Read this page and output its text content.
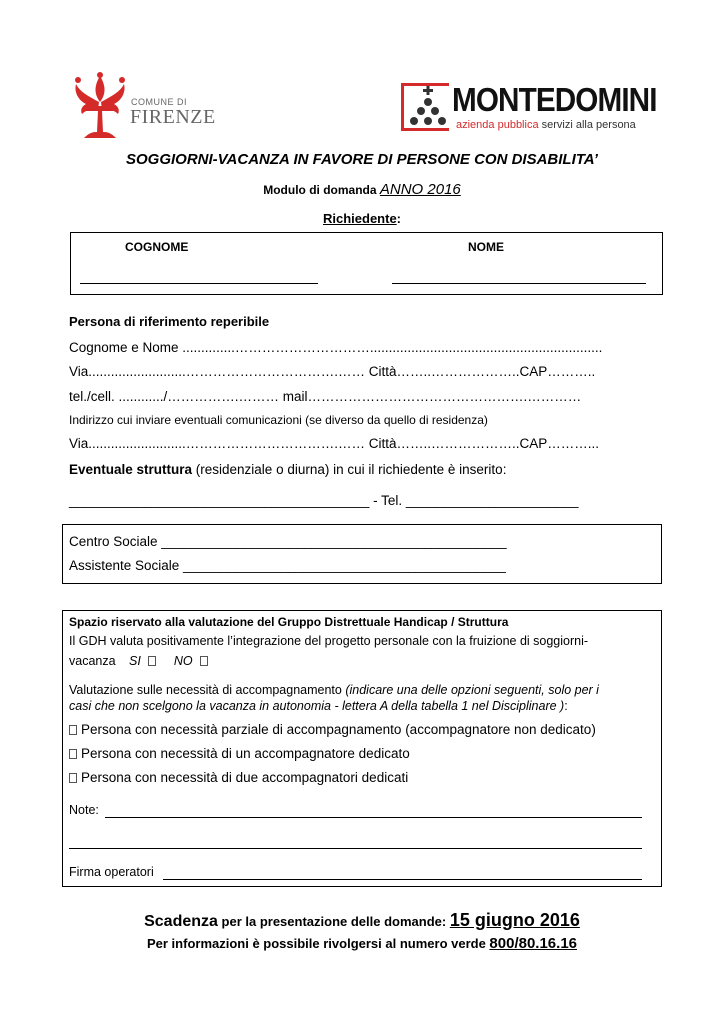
COMUNE DI
FIRENZE	MONTEDOMINI
azienda pubblica servizi alla persona
SOGGIORNI-VACANZA IN FAVORE DI PERSONE CON DISABILITA’
Modulo di domanda ANNO 2016
Richiedente:
COGNOME	NOME
Persona di riferimento reperibile
Cognome e Nome ..............…………………………..............................................................
Via..........................…………………………….…… Città……..………………..CAP………..
tel./cell. ............/…………….……… mail………………………………………….…………
Indirizzo cui inviare eventuali comunicazioni (se diverso da quello di residenza)
Via..........................…………………………….…… Città……..………………..CAP………...
Eventuale struttura (residenziale o diurna) in cui il richiedente è inserito:
________________________________________ - Tel. _______________________
Centro Sociale ______________________________________________
Assistente Sociale ___________________________________________
Spazio riservato alla valutazione del Gruppo Distrettuale Handicap / Struttura
Il GDH valuta positivamente l’integrazione del progetto personale con la fruizione di soggiorni-
vacanza SI	NO
Valutazione sulle necessità di accompagnamento (indicare una delle opzioni seguenti, solo per i
casi che non scelgono la vacanza in autonomia - lettera A della tabella 1 nel Disciplinare ):
Persona con necessità parziale di accompagnamento (accompagnatore non dedicato)
Persona con necessità di un accompagnatore dedicato
Persona con necessità di due accompagnatori dedicati
Note:
Firma operatori
Scadenza per la presentazione delle domande: 15 giugno 2016
Per informazioni è possibile rivolgersi al numero verde 800/80.16.16
